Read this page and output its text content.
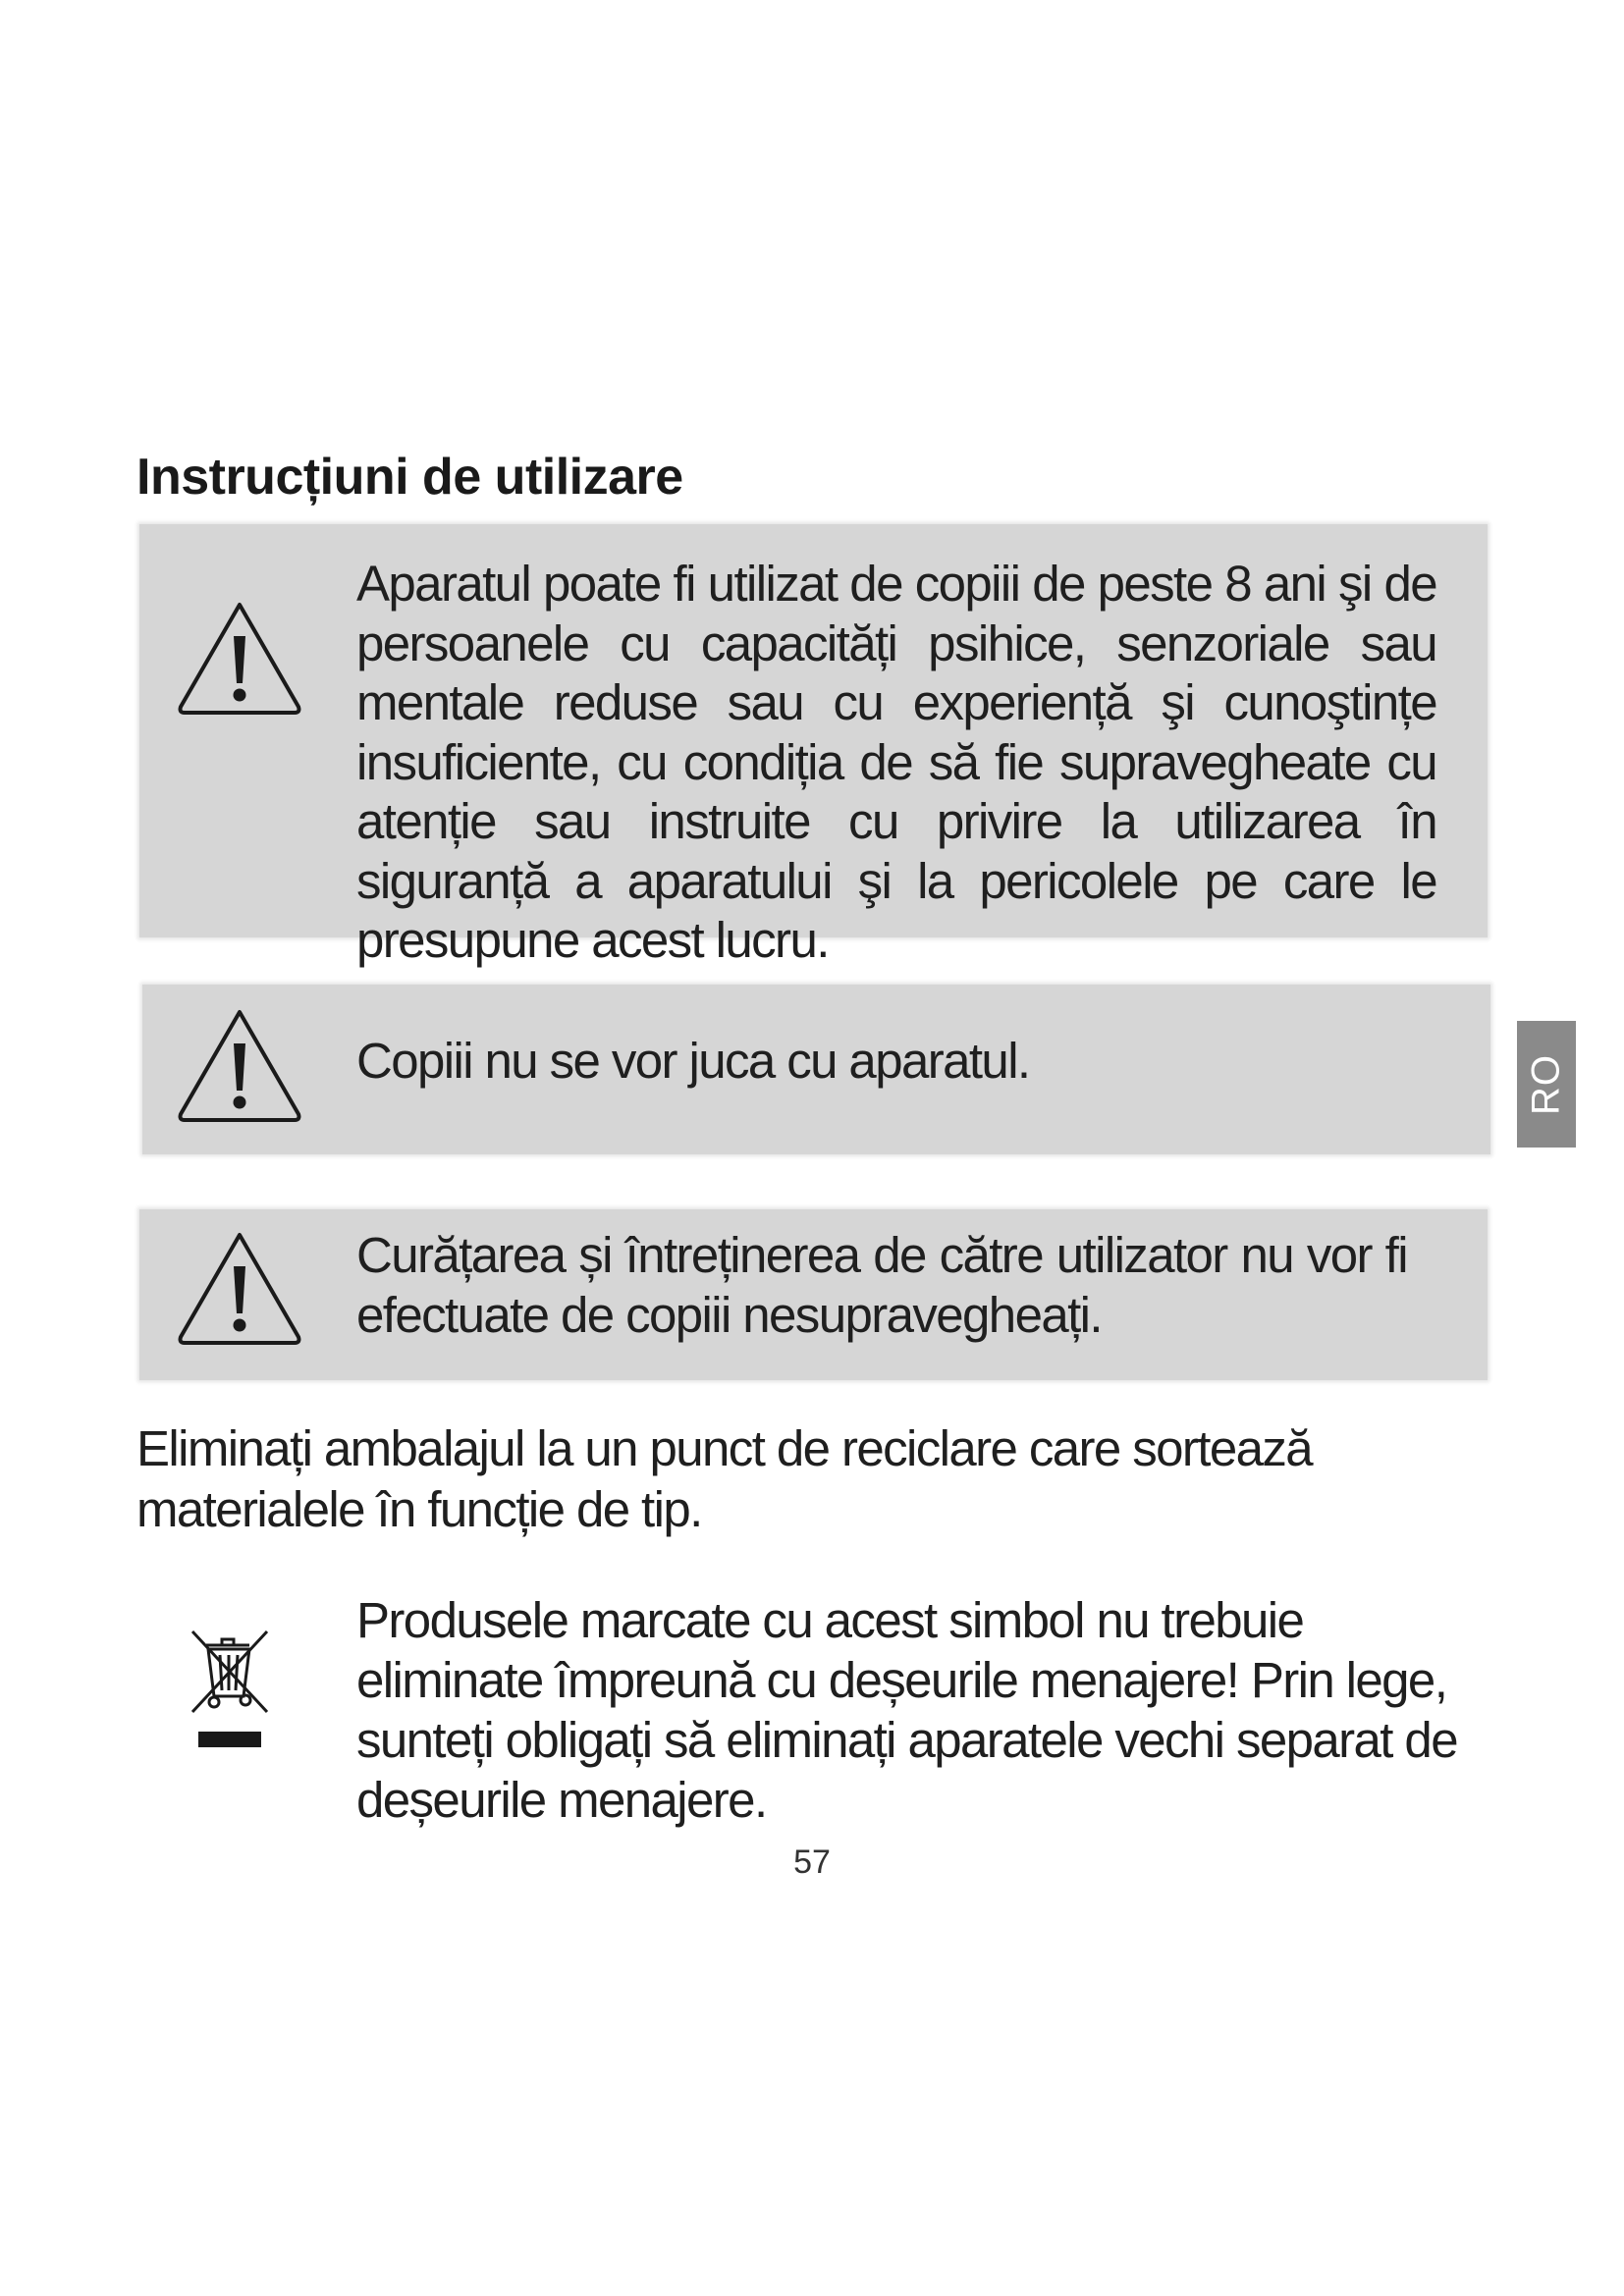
Instrucțiuni de utilizare
Aparatul poate fi utilizat de copiii de peste 8 ani şi de persoanele cu capacități psihice, senzoriale sau mentale reduse sau cu experiență şi cunoştințe insuficiente, cu condiția de să fie supravegheate cu atenție sau instruite cu privire la utilizarea în siguranță a aparatului şi la pericolele pe care le presupune acest lucru.
Copiii nu se vor juca cu aparatul.
Curățarea și întreținerea de către utilizator nu vor fi efectuate de copiii nesupravegheați.
RO
Eliminați ambalajul la un punct de reciclare care sortează materialele în funcție de tip.
Produsele marcate cu acest simbol nu trebuie eliminate împreună cu deșeurile menajere! Prin lege, sunteți obligați să eliminați aparatele vechi separat de deșeurile menajere.
57
